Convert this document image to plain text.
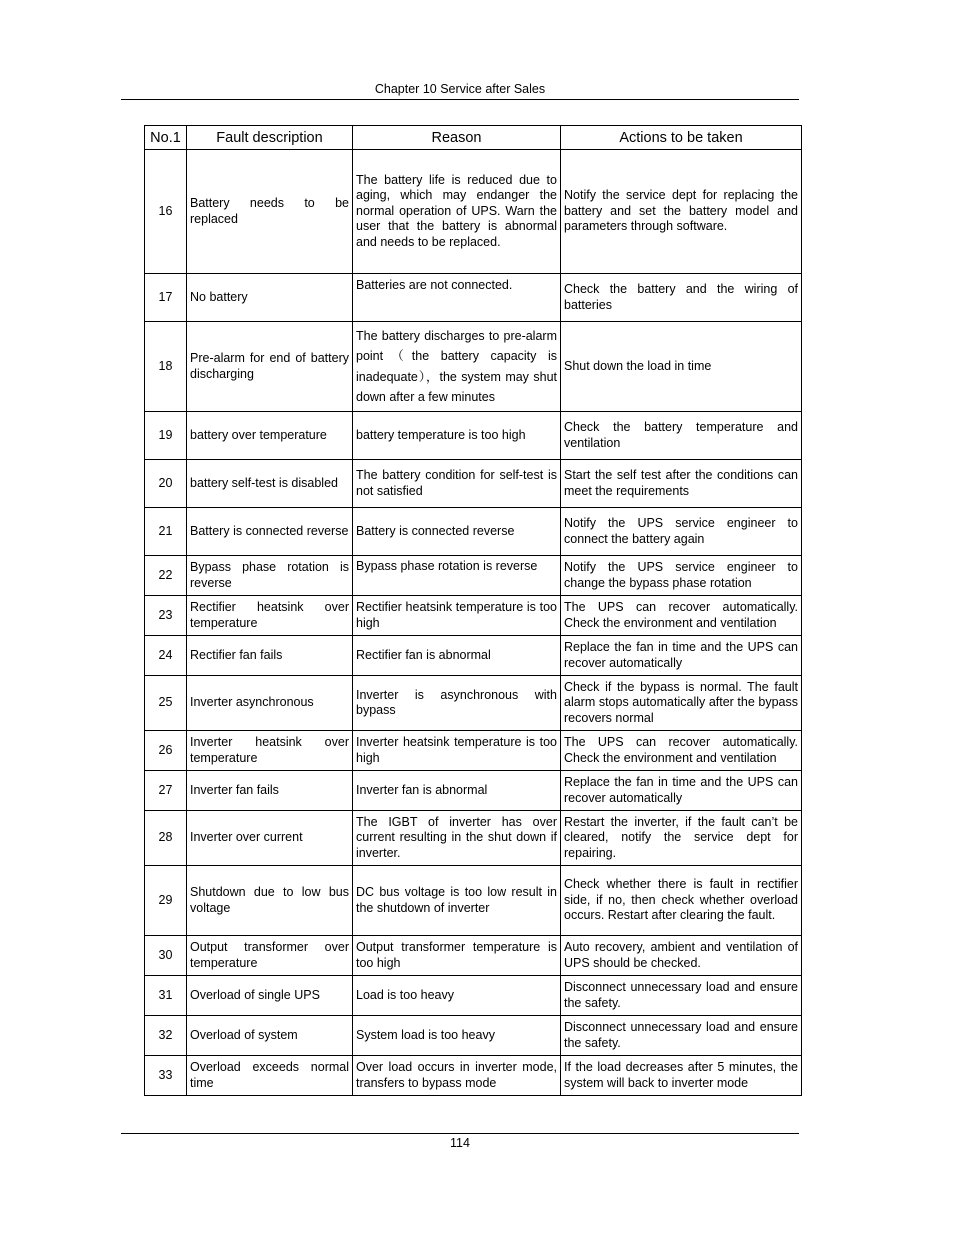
Chapter 10 Service after Sales
No.1	Fault description	Reason	Actions to be taken
16	Battery needs to be replaced	The battery life is reduced due to aging, which may endanger the normal operation of UPS. Warn the user that the battery is abnormal and needs to be replaced.	Notify the service dept for replacing the battery and set the battery model and parameters through software.
17	No battery	Batteries are not connected.	Check the battery and the wiring of batteries
18	Pre-alarm for end of battery discharging	The battery discharges to pre-alarm point（the battery capacity is inadequate），the system may shut down after a few minutes	Shut down the load in time
19	battery over temperature	battery temperature is too high	Check the battery temperature and ventilation
20	battery self-test is disabled	The battery condition for self-test is not satisfied	Start the self test after the conditions can meet the requirements
21	Battery is connected reverse	Battery is connected reverse	Notify the UPS service engineer to connect the battery again
22	Bypass phase rotation is reverse	Bypass phase rotation is reverse	Notify the UPS service engineer to change the bypass phase rotation
23	Rectifier heatsink over temperature	Rectifier heatsink temperature is too high	The UPS can recover automatically. Check the environment and ventilation
24	Rectifier fan fails	Rectifier fan is abnormal	Replace the fan in time and the UPS can recover automatically
25	Inverter asynchronous	Inverter is asynchronous with bypass	Check if the bypass is normal. The fault alarm stops automatically after the bypass recovers normal
26	Inverter heatsink over temperature	Inverter heatsink temperature is too high	The UPS can recover automatically. Check the environment and ventilation
27	Inverter fan fails	Inverter fan is abnormal	Replace the fan in time and the UPS can recover automatically
28	Inverter over current	The IGBT of inverter has over current resulting in the shut down if inverter.	Restart the inverter, if the fault can’t be cleared, notify the service dept for repairing.
29	Shutdown due to low bus voltage	DC bus voltage is too low result in the shutdown of inverter	Check whether there is fault in rectifier side, if no, then check whether overload occurs. Restart after clearing the fault.
30	Output transformer over temperature	Output transformer temperature is too high	Auto recovery, ambient and ventilation of UPS should be checked.
31	Overload of single UPS	Load is too heavy	Disconnect unnecessary load and ensure the safety.
32	Overload of system	System load is too heavy	Disconnect unnecessary load and ensure the safety.
33	Overload exceeds normal time	Over load occurs in inverter mode, transfers to bypass mode	If the load decreases after 5 minutes, the system will back to inverter mode
114
